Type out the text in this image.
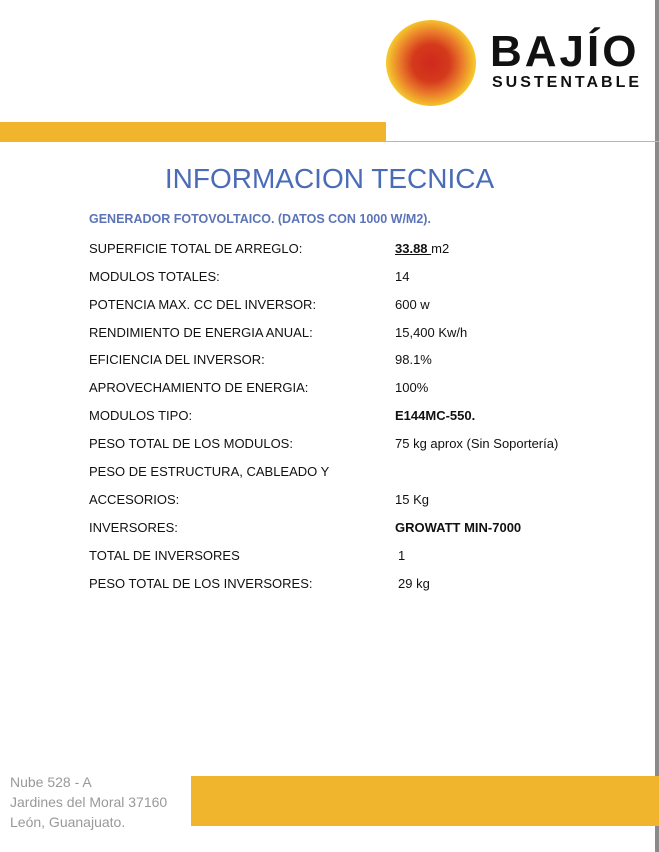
BAJÍO
SUSTENTABLE
INFORMACION TECNICA
GENERADOR FOTOVOLTAICO. (DATOS CON 1000 W/M2).
SUPERFICIE TOTAL DE ARREGLO:	33.88 m2
MODULOS TOTALES:	14
POTENCIA MAX. CC DEL INVERSOR:	600 w
RENDIMIENTO DE ENERGIA ANUAL:	15,400 Kw/h
EFICIENCIA DEL INVERSOR:	98.1%
APROVECHAMIENTO DE ENERGIA:	100%
MODULOS TIPO:	E144MC-550.
PESO TOTAL DE LOS MODULOS:	75 kg aprox (Sin Soportería)
PESO DE ESTRUCTURA, CABLEADO Y
ACCESORIOS:	15 Kg
INVERSORES:	GROWATT MIN-7000
TOTAL DE INVERSORES	1
PESO TOTAL DE LOS INVERSORES:	29 kg
Nube 528 - A
Jardines del Moral 37160
León, Guanajuato.
